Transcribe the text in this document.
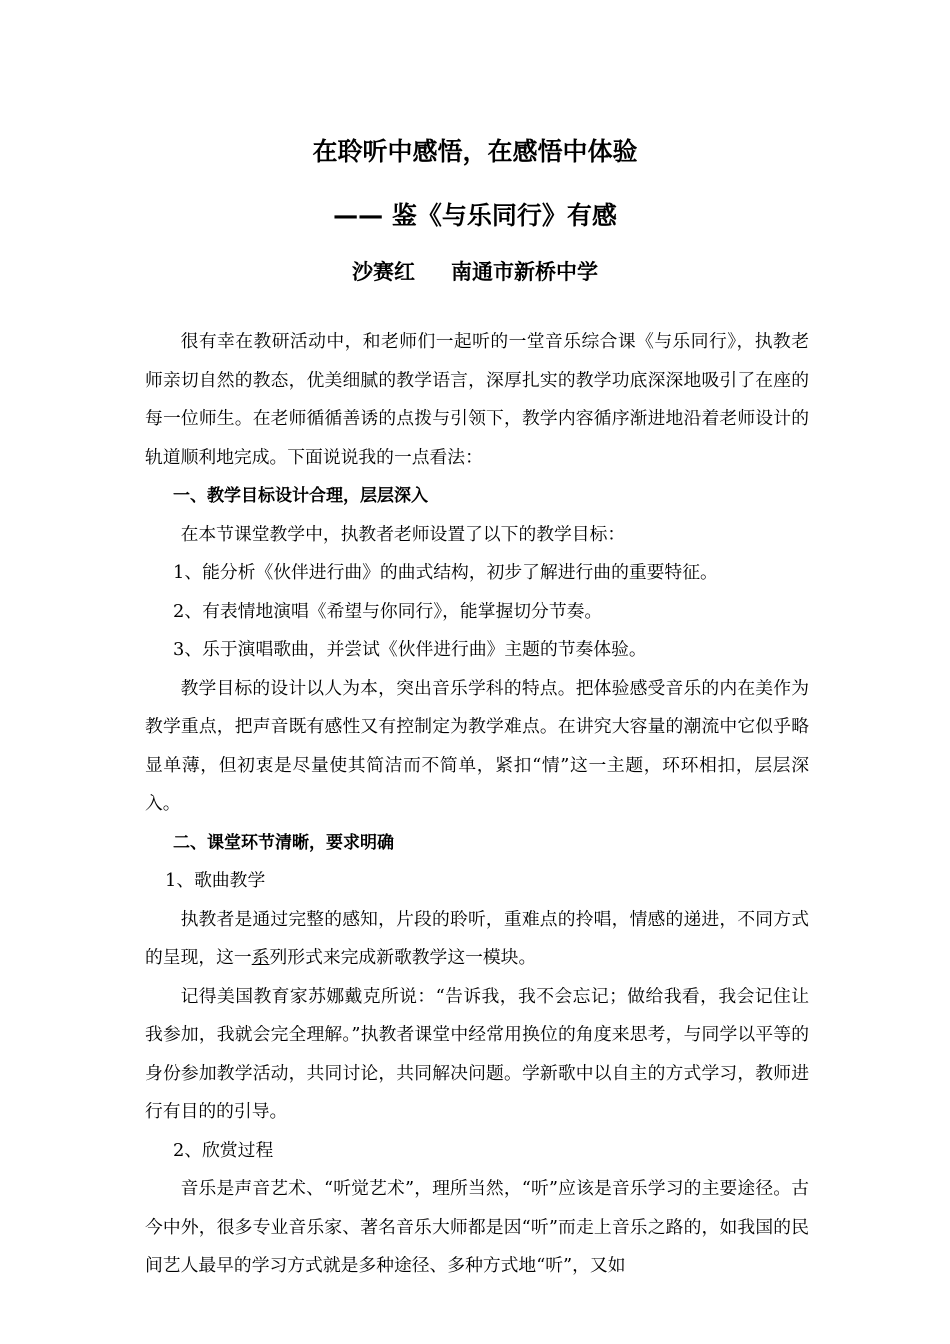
在聆听中感悟，在感悟中体验
—— 鉴《与乐同行》有感
沙赛红 南通市新桥中学

很有幸在教研活动中，和老师们一起听的一堂音乐综合课《与乐同行》，执教老师亲切自然的教态，优美细腻的教学语言，深厚扎实的教学功底深深地吸引了在座的每一位师生。在老师循循善诱的点拨与引领下，教学内容循序渐进地沿着老师设计的轨道顺利地完成。下面说说我的一点看法：

一、教学目标设计合理，层层深入

在本节课堂教学中，执教者老师设置了以下的教学目标：

1、能分析《伙伴进行曲》的曲式结构，初步了解进行曲的重要特征。

2、有表情地演唱《希望与你同行》，能掌握切分节奏。

3、乐于演唱歌曲，并尝试《伙伴进行曲》主题的节奏体验。

教学目标的设计以人为本，突出音乐学科的特点。把体验感受音乐的内在美作为教学重点，把声音既有感性又有控制定为教学难点。在讲究大容量的潮流中它似乎略显单薄，但初衷是尽量使其简洁而不简单，紧扣“情”这一主题，环环相扣，层层深入。

二、课堂环节清晰，要求明确

1、歌曲教学

执教者是通过完整的感知，片段的聆听，重难点的拎唱，情感的递进，不同方式的呈现，这一系列形式来完成新歌教学这一模块。

记得美国教育家苏娜戴克所说：“告诉我，我不会忘记；做给我看，我会记住让我参加，我就会完全理解。”执教者课堂中经常用换位的角度来思考，与同学以平等的身份参加教学活动，共同讨论，共同解决问题。学新歌中以自主的方式学习，教师进行有目的的引导。

2、欣赏过程

音乐是声音艺术、“听觉艺术”，理所当然，“听”应该是音乐学习的主要途径。古今中外，很多专业音乐家、著名音乐大师都是因“听”而走上音乐之路的，如我国的民间艺人最早的学习方式就是多种途径、多种方式地“听”，又如
